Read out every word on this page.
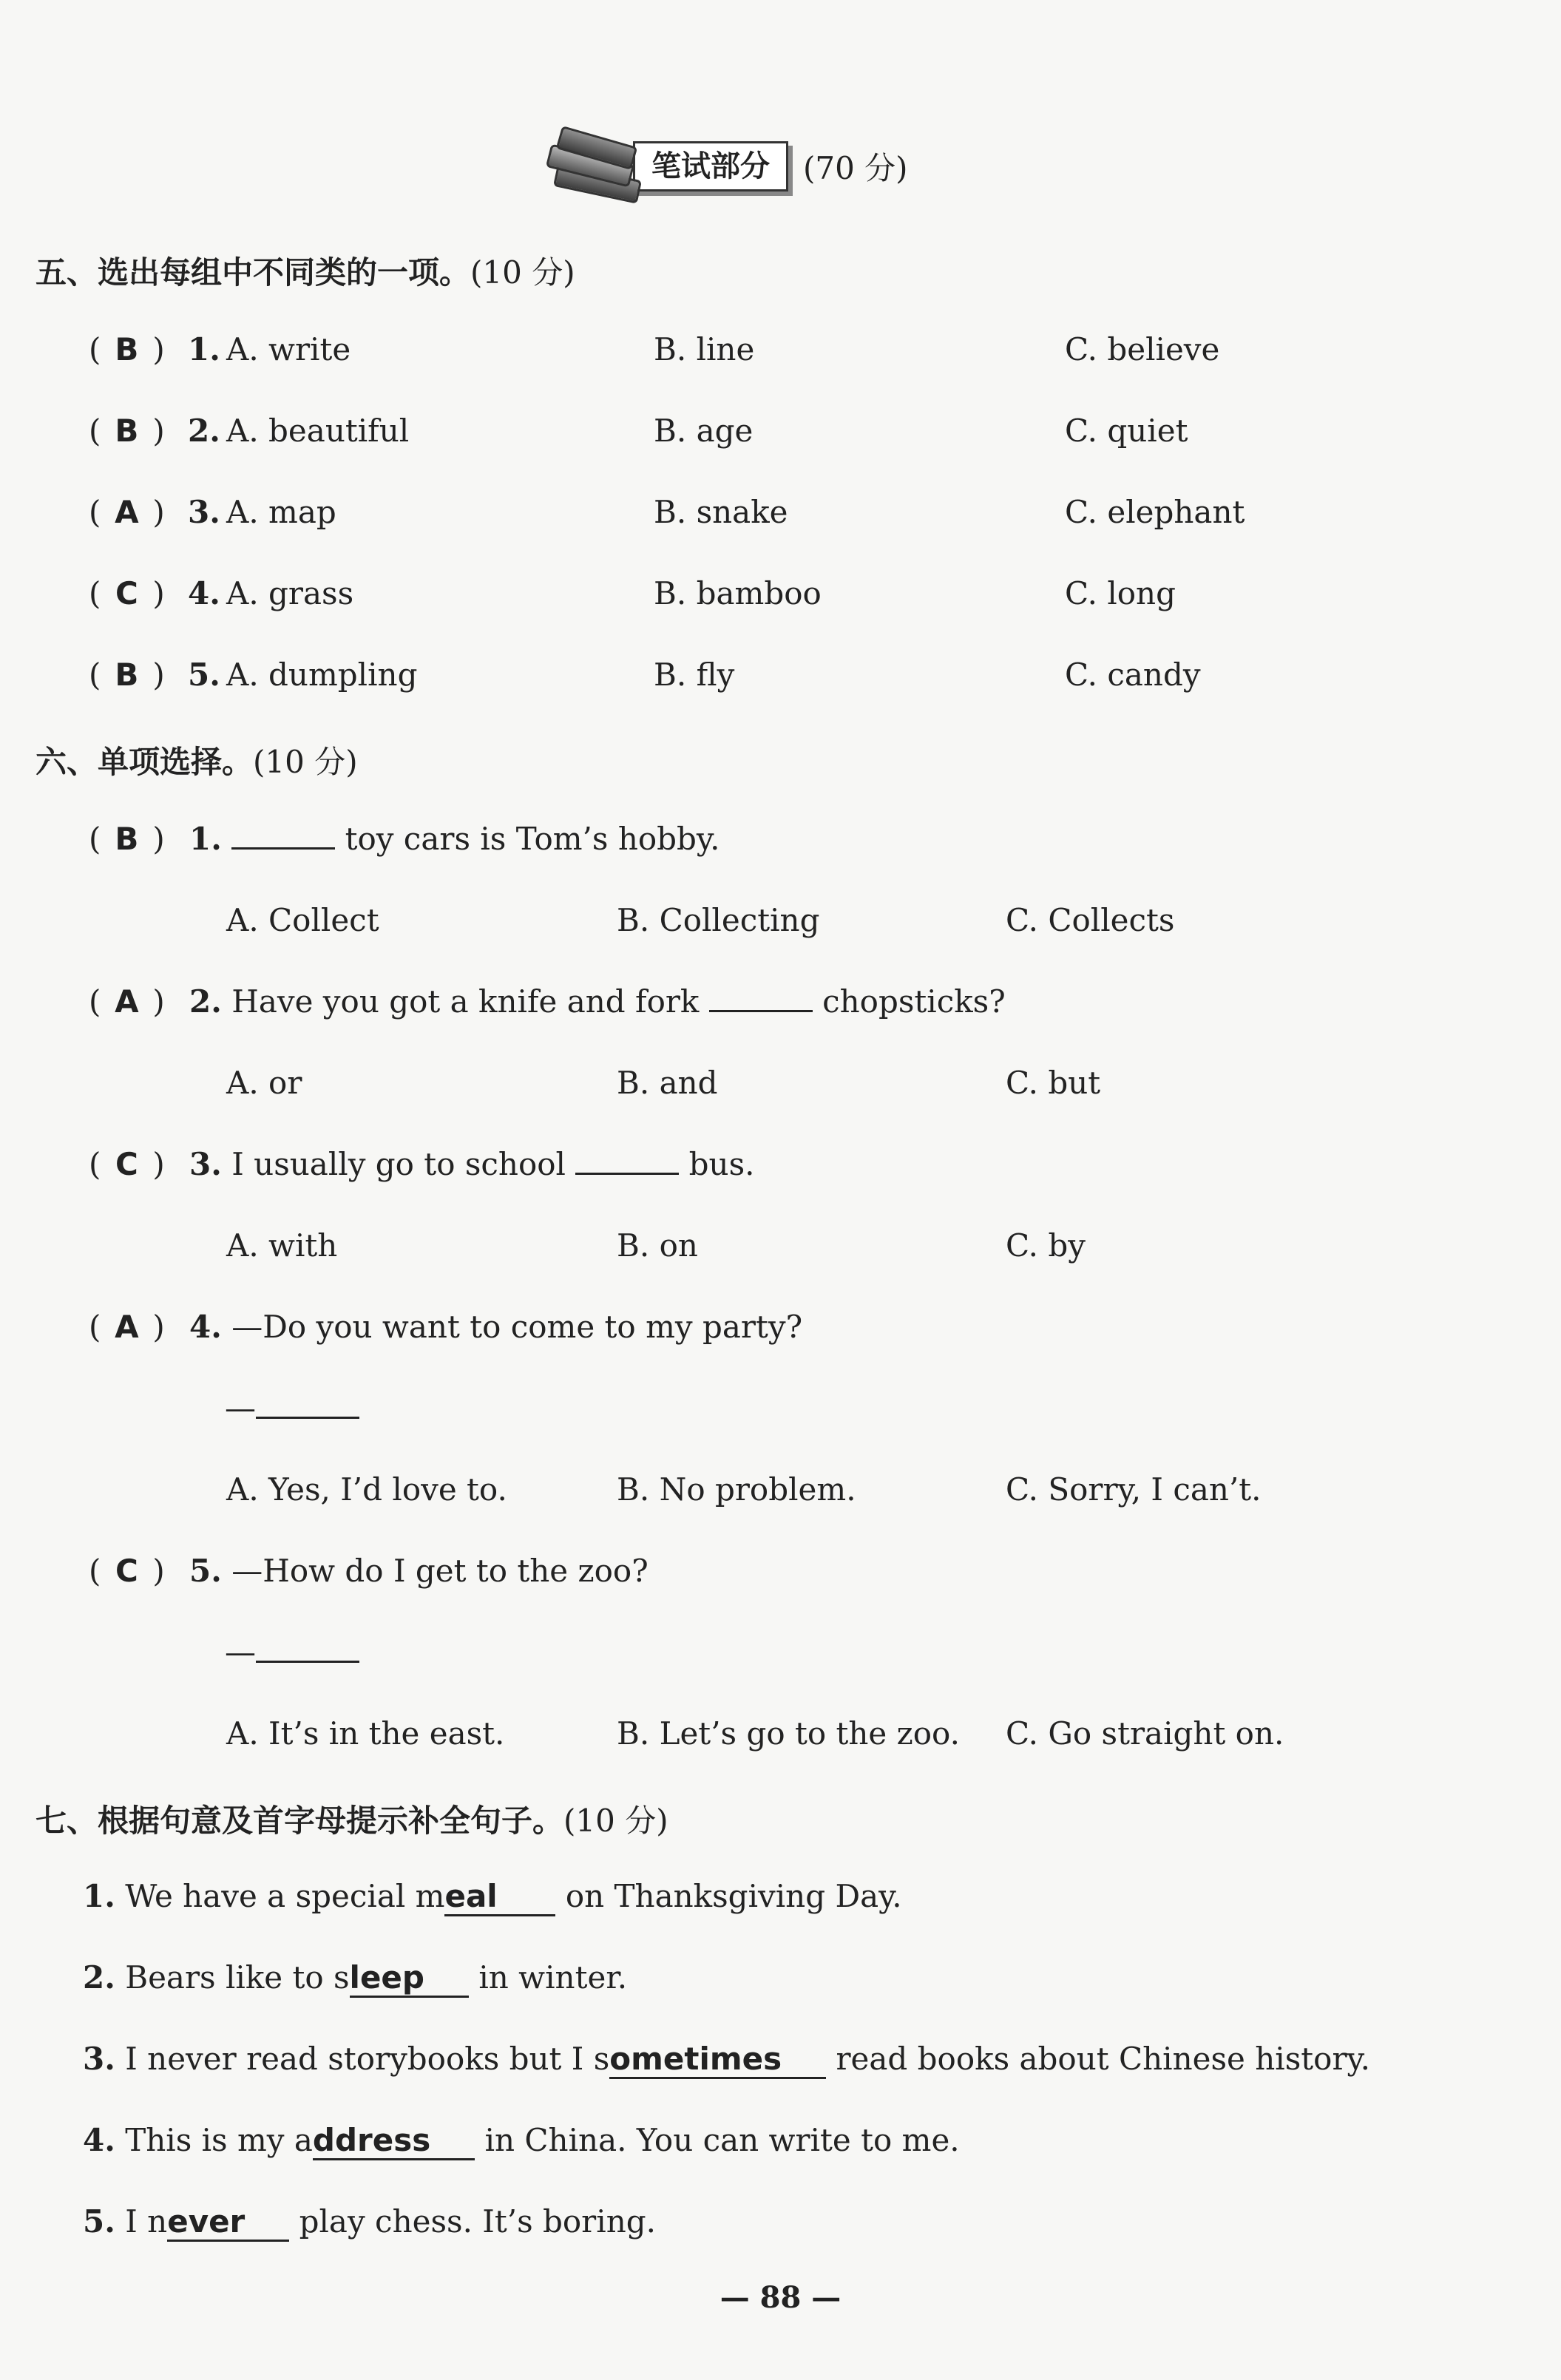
笔试部分	(70 分)
五、选出每组中不同类的一项。(10 分)
( B ) 1. A. write	B. line	C. believe
( B ) 2. A. beautiful	B. age	C. quiet
( A ) 3. A. map	B. snake	C. elephant
( C ) 4. A. grass	B. bamboo	C. long
( B ) 5. A. dumpling	B. fly	C. candy
六、单项选择。(10 分)
( B ) 1.	toy cars is Tom’s hobby.
A. Collect	B. Collecting	C. Collects
( A ) 2. Have you got a knife and fork	chopsticks?
A. or	B. and	C. but
( C ) 3. I usually go to school	bus.
A. with	B. on	C. by
( A ) 4. —Do you want to come to my party?
—
A. Yes, I’d love to.	B. No problem.	C. Sorry, I can’t.
( C ) 5. —How do I get to the zoo?
—
A. It’s in the east.	B. Let’s go to the zoo. C. Go straight on.
七、根据句意及首字母提示补全句子。(10 分)
1. We have a special meal on Thanksgiving Day.
2. Bears like to sleep in winter.
3. I never read storybooks but I sometimes read books about Chinese history.
4. This is my address in China. You can write to me.
5. I never play chess. It’s boring.
— 88 —
